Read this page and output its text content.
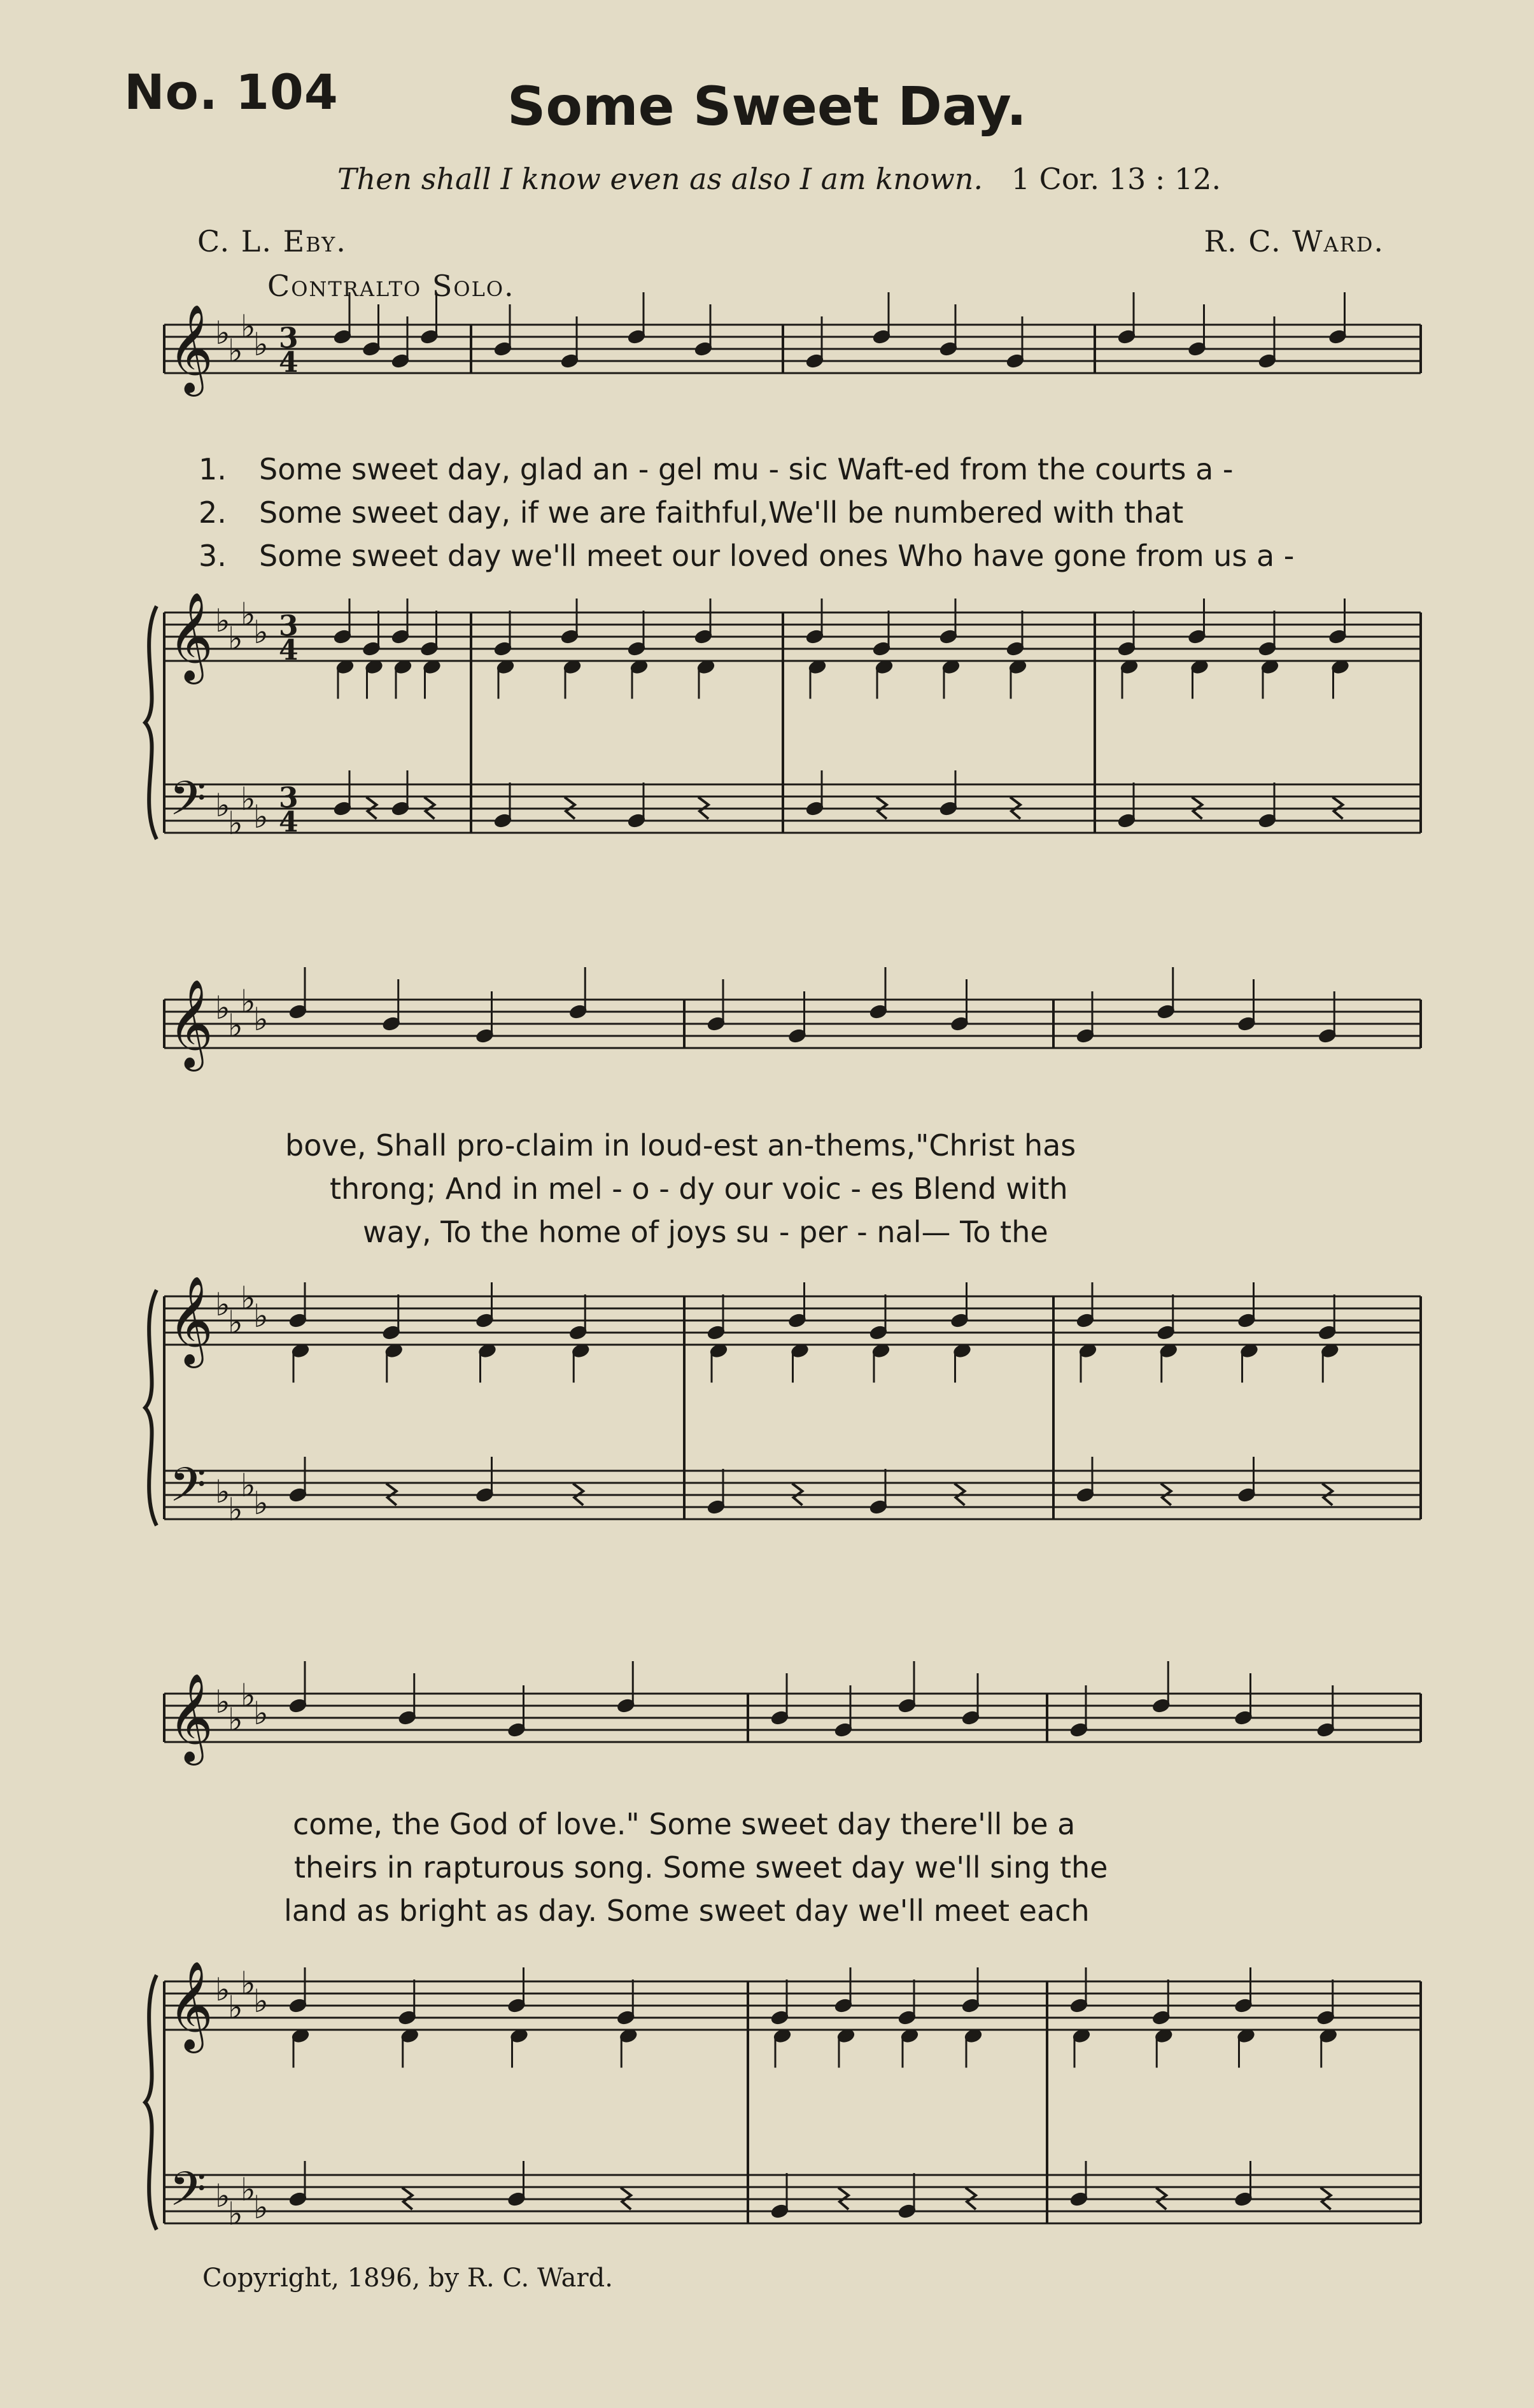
No. 104	Some Sweet Day.
Then shall I know even as also I am known. 1 Cor. 13 : 12.
C. L. Eby.	R. C. Ward.
Contralto Solo.
𝄞 ♭
♭
♭
♭ 3
4
𝄞 ♭
♭
♭
♭ 3
4
𝄢 ♭
♭
♭
♭
3
4
𝄞 ♭
♭
♭
♭
𝄞 ♭
♭
♭
♭
𝄢 ♭
♭
♭
♭
𝄞 ♭
♭
♭
♭
𝄞 ♭
♭
♭
♭
𝄢 ♭
♭
♭
♭
1. Some sweet day, glad an - gel mu - sic Waft-ed from the courts a -
2. Some sweet day, if we are faithful,We'll be numbered with that
3. Some sweet day we'll meet our loved ones Who have gone from us a -
bove, Shall pro-claim in loud-est an-thems,"Christ has
throng; And in mel - o - dy our voic - es Blend with
way, To the home of joys su - per - nal— To the
come, the God of love." Some sweet day there'll be a
theirs in rapturous song. Some sweet day we'll sing the
land as bright as day. Some sweet day we'll meet each
Copyright, 1896, by R. C. Ward.
